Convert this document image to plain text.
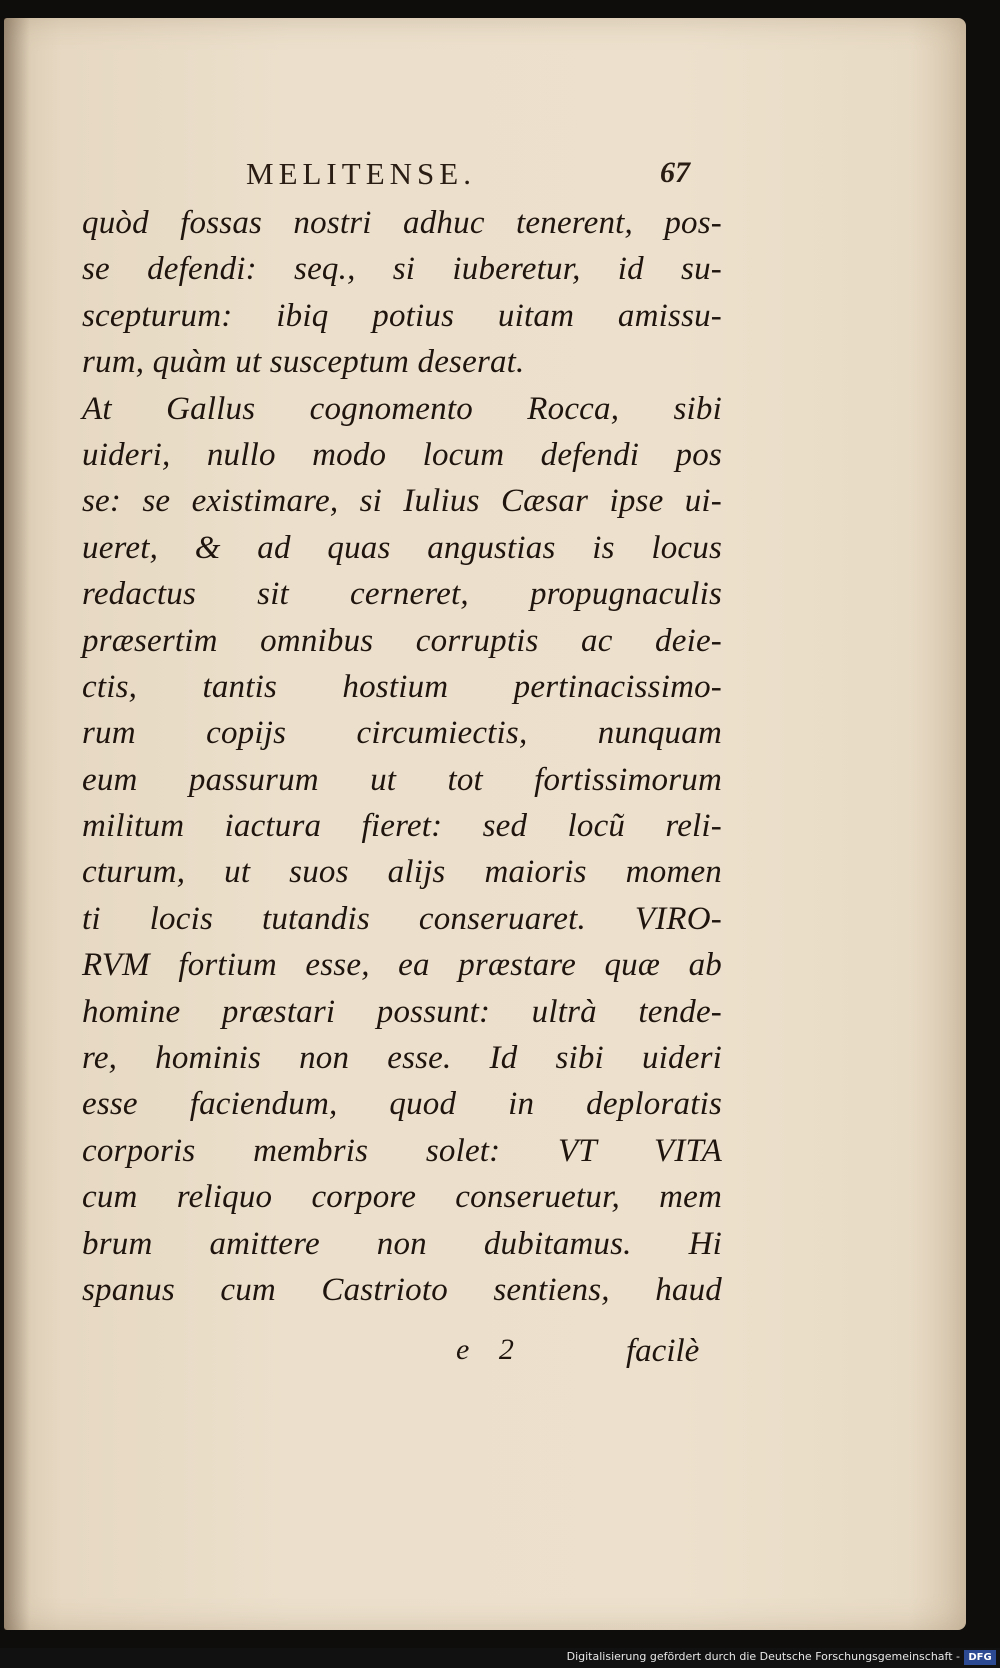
MELITENSE.	67
quòd fossas nostri adhuc tenerent, pos-
se defendi: seq., si iuberetur, id su-
scepturum: ibiq potius uitam amissu-
rum, quàm ut susceptum deserat.
At Gallus cognomento Rocca, sibi
uideri, nullo modo locum defendi pos
se: se existimare, si Iulius Cæsar ipse ui-
ueret, & ad quas angustias is locus
redactus sit cerneret, propugnaculis
præsertim omnibus corruptis ac deie-
ctis, tantis hostium pertinacissimo-
rum copijs circumiectis, nunquam
eum passurum ut tot fortissimorum
militum iactura fieret: sed locũ reli-
cturum, ut suos alijs maioris momen
ti locis tutandis conseruaret. VIRO-
RVM fortium esse, ea præstare quæ ab
homine præstari possunt: ultrà tende-
re, hominis non esse. Id sibi uideri
esse faciendum, quod in deploratis
corporis membris solet: VT VITA
cum reliquo corpore conseruetur, mem
brum amittere non dubitamus. Hi
spanus cum Castrioto sentiens, haud
e 2	facilè
Digitalisierung gefördert durch die Deutsche Forschungsgemeinschaft - DFG
